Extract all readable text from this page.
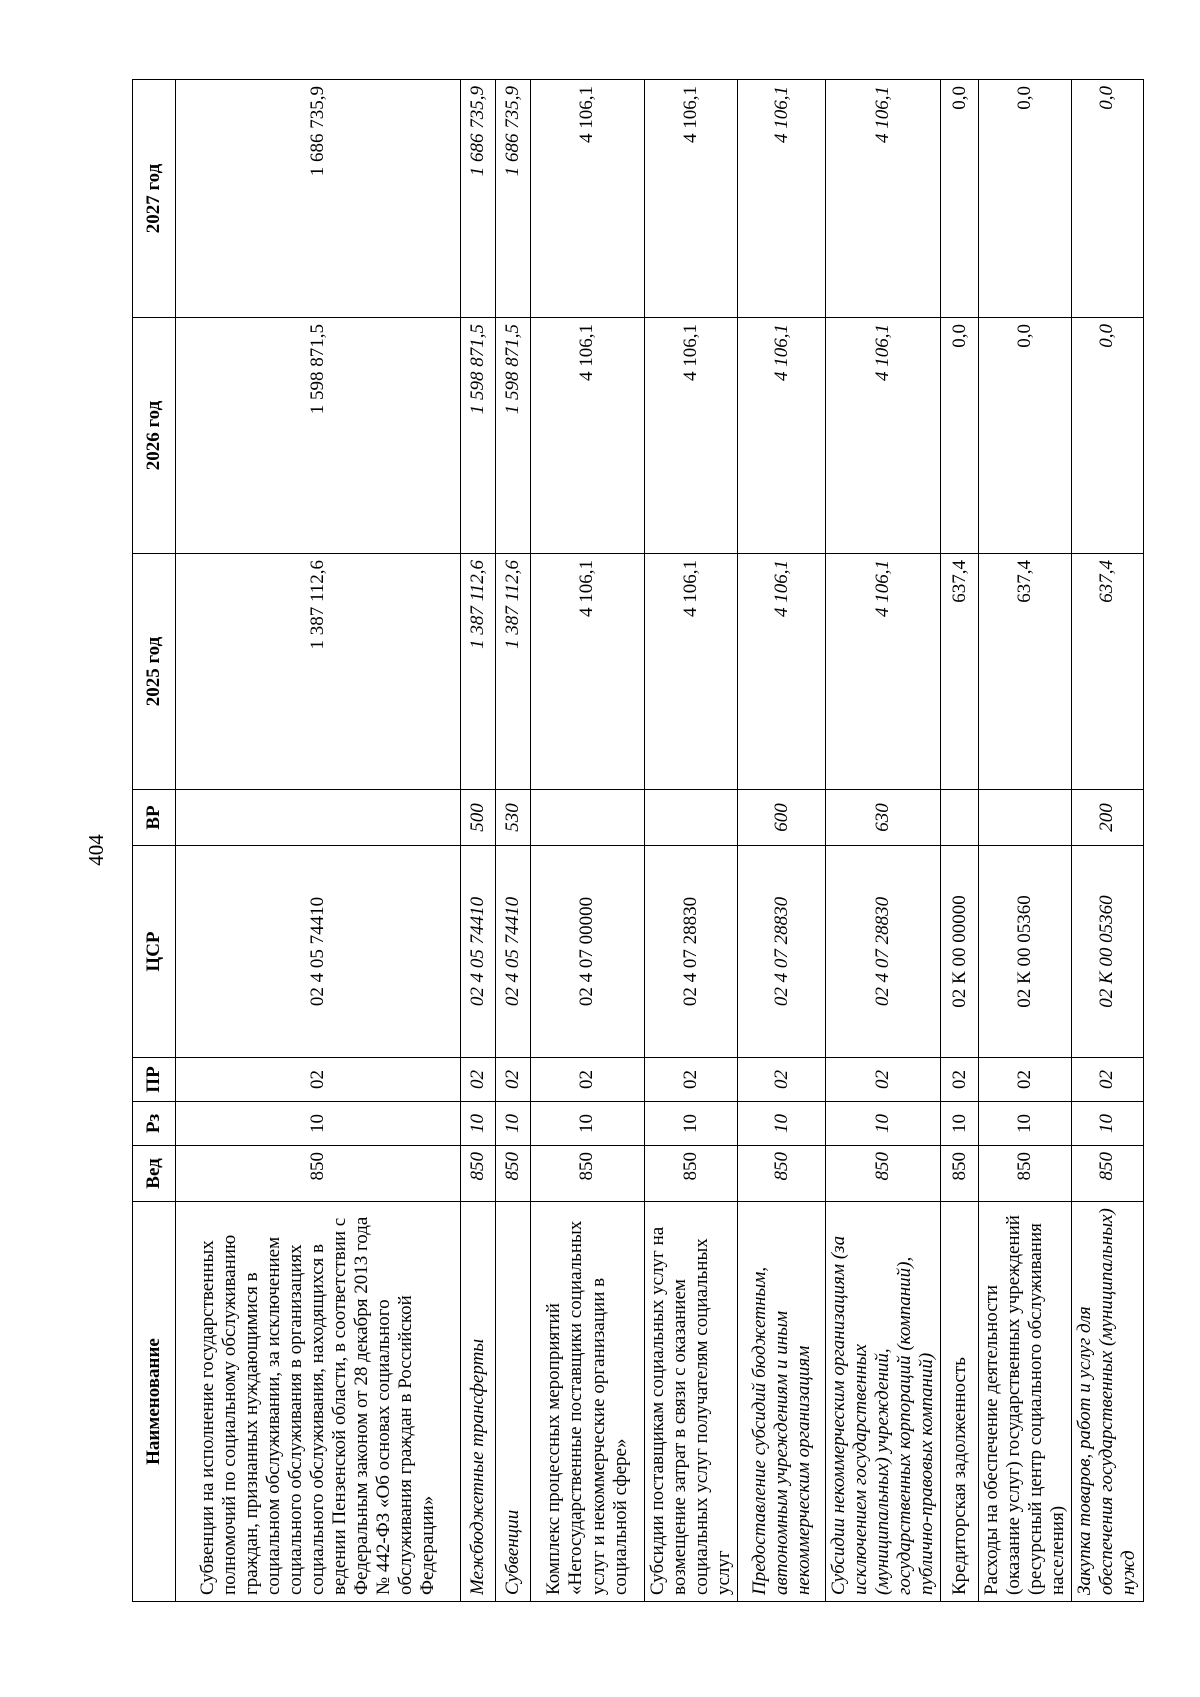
404
Наименование	Вед	Рз	ПР	ЦСР	ВР	2025 год	2026 год	2027 год
Субвенции на исполнение государственных полномочий по социальному обслуживанию граждан, признанных нуждающимися в социальном обслуживании, за исключением социального обслуживания в организациях социального обслуживания, находящихся в ведении Пензенской области, в соответствии с Федеральным законом от 28 декабря 2013 года № 442-ФЗ «Об основах социального обслуживания граждан в Российской Федерации»	850	10	02	02 4 05 74410		1 387 112,6	1 598 871,5	1 686 735,9
Межбюджетные трансферты	850	10	02	02 4 05 74410	500	1 387 112,6	1 598 871,5	1 686 735,9
Субвенции	850	10	02	02 4 05 74410	530	1 387 112,6	1 598 871,5	1 686 735,9
Комплекс процессных мероприятий «Негосударственные поставщики социальных услуг и некоммерческие организации в социальной сфере»	850	10	02	02 4 07 00000		4 106,1	4 106,1	4 106,1
Субсидии поставщикам социальных услуг на возмещение затрат в связи с оказанием социальных услуг получателям социальных услуг	850	10	02	02 4 07 28830		4 106,1	4 106,1	4 106,1
Предоставление субсидий бюджетным, автономным учреждениям и иным некоммерческим организациям	850	10	02	02 4 07 28830	600	4 106,1	4 106,1	4 106,1
Субсидии некоммерческим организациям (за исключением государственных (муниципальных) учреждений, государственных корпораций (компаний), публично-правовых компаний)	850	10	02	02 4 07 28830	630	4 106,1	4 106,1	4 106,1
Кредиторская задолженность	850	10	02	02 К 00 00000		637,4	0,0	0,0
Расходы на обеспечение деятельности (оказание услуг) государственных учреждений (ресурсный центр социального обслуживания населения)	850	10	02	02 К 00 05360		637,4	0,0	0,0
Закупка товаров, работ и услуг для обеспечения государственных (муниципальных) нужд	850	10	02	02 К 00 05360	200	637,4	0,0	0,0
